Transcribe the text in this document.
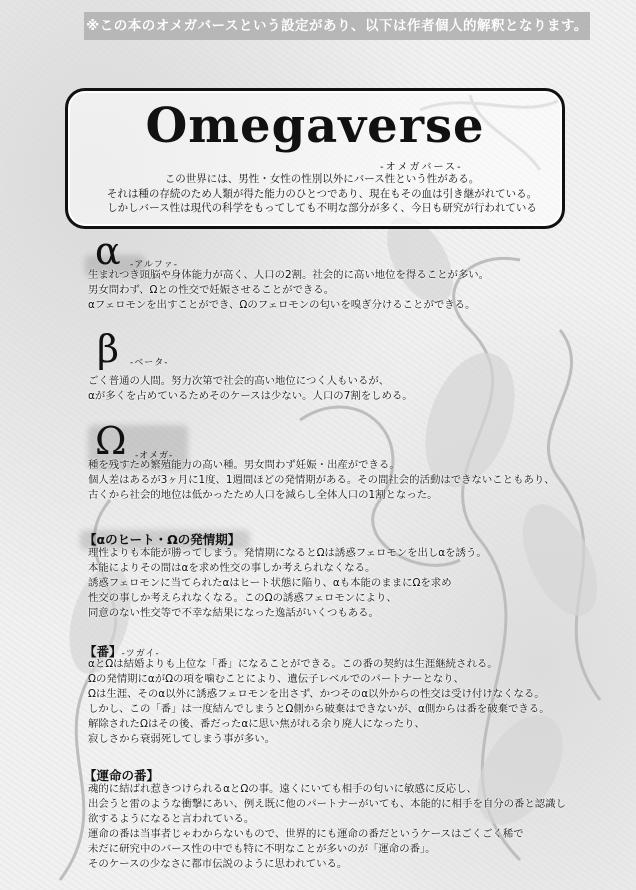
※この本のオメガバースという設定があり、以下は作者個人的解釈となります。
Omegaverse
-オメガバース-
この世界には、男性・女性の性別以外にバース性という性がある。
それは種の存続のため人類が得た能力のひとつであり、現在もその血は引き継がれている。
しかしバース性は現代の科学をもってしても不明な部分が多く、今日も研究が行われている
α -アルファ-
生まれつき頭脳や身体能力が高く、人口の2割。社会的に高い地位を得ることが多い。
男女問わず、Ωとの性交で妊娠させることができる。
αフェロモンを出すことができ、Ωのフェロモンの匂いを嗅ぎ分けることができる。
β -ベータ-
ごく普通の人間。努力次第で社会的高い地位につく人もいるが、
αが多くを占めているためそのケースは少ない。人口の7割をしめる。
Ω -オメガ-
種を残すため繁殖能力の高い種。男女問わず妊娠・出産ができる。
個人差はあるが3ヶ月に1度、1週間ほどの発情期がある。その間社会的活動はできないこともあり、
古くから社会的地位は低かったため人口を減らし全体人口の1割となった。
【αのヒート・Ωの発情期】
理性よりも本能が勝ってしまう。発情期になるとΩは誘惑フェロモンを出しαを誘う。
本能によりその間はαを求め性交の事しか考えられなくなる。
誘惑フェロモンに当てられたαはヒート状態に陥り、αも本能のままにΩを求め
性交の事しか考えられなくなる。このΩの誘惑フェロモンにより、
同意のない性交等で不幸な結果になった逸話がいくつもある。
【番】-ツガイ-
αとΩは結婚よりも上位な「番」になることができる。この番の契約は生涯継続される。
Ωの発情期にαがΩの項を噛むことにより、遺伝子レベルでのパートナーとなり、
Ωは生涯、そのα以外に誘惑フェロモンを出さず、かつそのα以外からの性交は受け付けなくなる。
しかし、この「番」は一度結んでしまうとΩ側から破棄はできないが、α側からは番を破棄できる。
解除されたΩはその後、番だったαに思い焦がれる余り廃人になったり、
寂しさから衰弱死してしまう事が多い。
【運命の番】
魂的に結ばれ惹きつけられるαとΩの事。遠くにいても相手の匂いに敏感に反応し、
出会うと雷のような衝撃にあい、例え既に他のパートナーがいても、本能的に相手を自分の番と認識し
欲するようになると言われている。
運命の番は当事者じゃわからないもので、世界的にも運命の番だというケースはごくごく稀で
未だに研究中のバース性の中でも特に不明なことが多いのが「運命の番」。
そのケースの少なさに都市伝説のように思われている。
